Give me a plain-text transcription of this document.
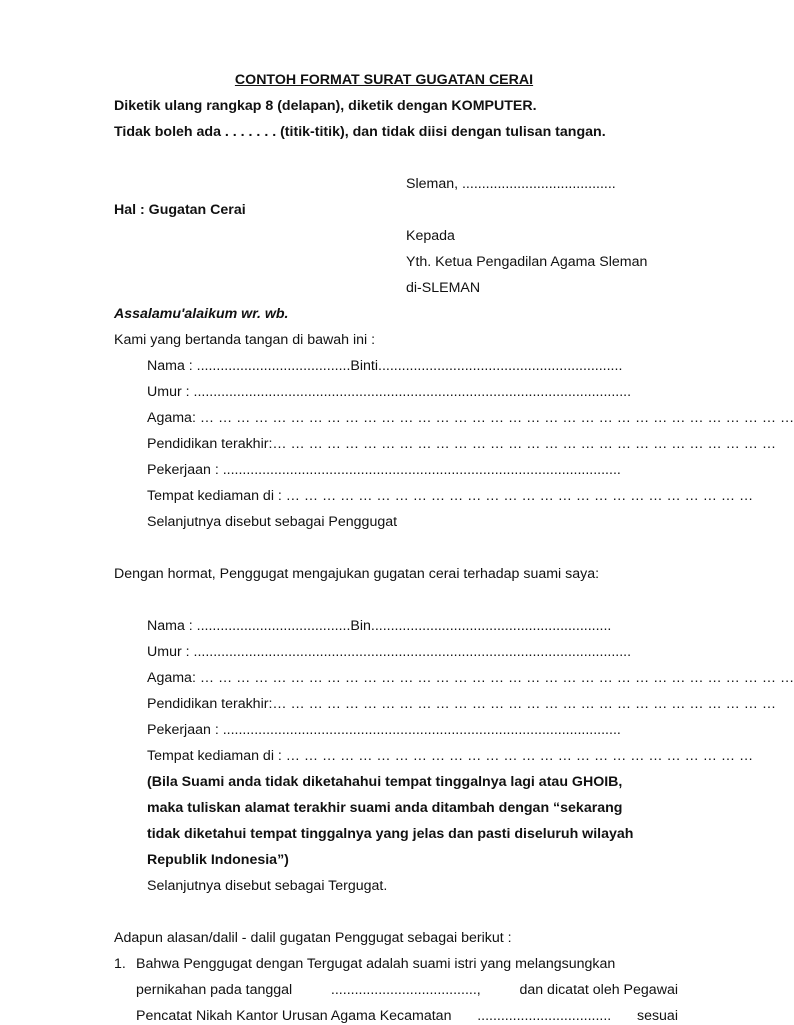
CONTOH FORMAT SURAT GUGATAN CERAI
Diketik ulang rangkap 8 (delapan), diketik dengan KOMPUTER.
Tidak boleh ada . . . . . . . (titik-titik), dan tidak diisi dengan tulisan tangan.
Sleman, .......................................
Hal : Gugatan Cerai
Kepada
Yth. Ketua Pengadilan Agama Sleman
di-SLEMAN
Assalamu'alaikum wr. wb.
Kami yang bertanda tangan di bawah ini :
Nama : .......................................Binti..............................................................
Umur : ...............................................................................................................
Agama: … … … … … … … … … … … … … … … … … … … … … … … … … … … … … … … … …
Pendidikan terakhir:… … … … … … … … … … … … … … … … … … … … … … … … … … … …
Pekerjaan : .....................................................................................................
Tempat kediaman di : … … … … … … … … … … … … … … … … … … … … … … … … … …
Selanjutnya disebut sebagai Penggugat
Dengan hormat, Penggugat mengajukan gugatan cerai terhadap suami saya:
Nama : .......................................Bin.............................................................
Umur : ...............................................................................................................
Agama: … … … … … … … … … … … … … … … … … … … … … … … … … … … … … … … … …
Pendidikan terakhir:… … … … … … … … … … … … … … … … … … … … … … … … … … … …
Pekerjaan : .....................................................................................................
Tempat kediaman di : … … … … … … … … … … … … … … … … … … … … … … … … … …
(Bila Suami anda tidak diketahahui tempat tinggalnya lagi atau GHOIB,
maka tuliskan alamat terakhir suami anda ditambah dengan “sekarang
tidak diketahui tempat tinggalnya yang jelas dan pasti diseluruh wilayah
Republik Indonesia”)
Selanjutnya disebut sebagai Tergugat.
Adapun alasan/dalil - dalil gugatan Penggugat sebagai berikut :
1. Bahwa Penggugat dengan Tergugat adalah suami istri yang melangsungkan
pernikahan pada tanggal	.....................................,	dan dicatat oleh Pegawai
Pencatat Nikah Kantor Urusan Agama Kecamatan .................................. sesuai
